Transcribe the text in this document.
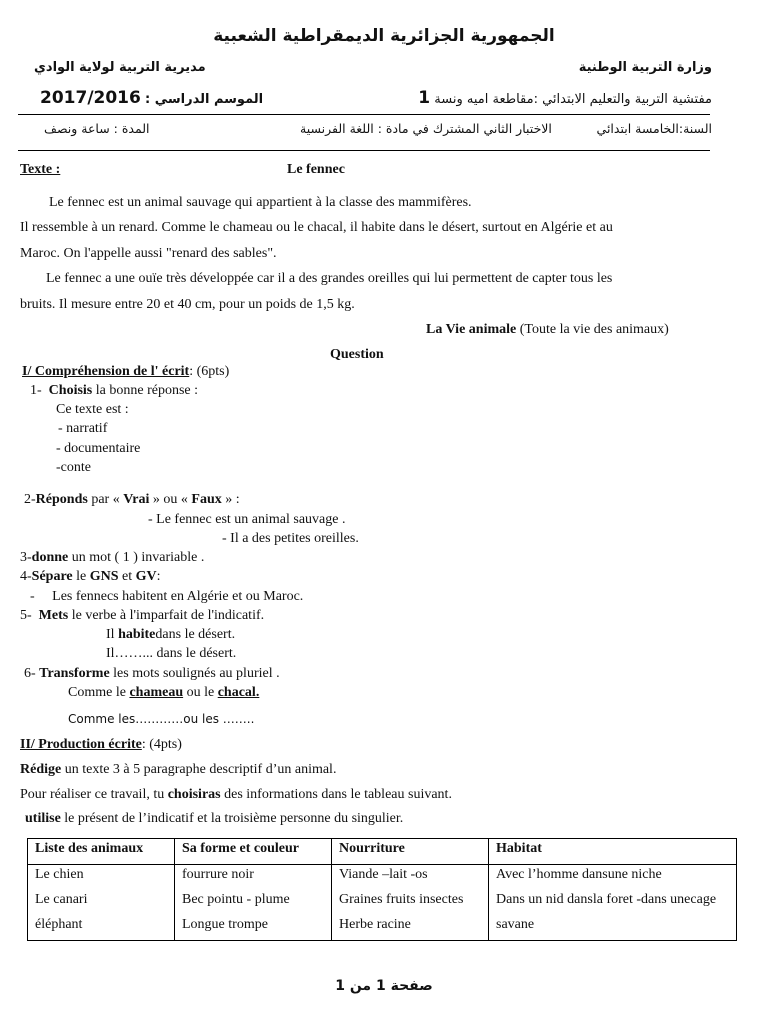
الجمهورية الجزائرية الديمقراطية الشعبية
وزارة التربية الوطنية
مديرية التربية لولاية الوادي
مفتشية التربية والتعليم الابتدائي :مقاطعة اميه ونسة 1
الموسم الدراسي : 2017/2016
السنة:الخامسة ابتدائي
الاختبار الثاني المشترك في مادة : اللغة الفرنسية
المدة : ساعة ونصف
Texte :	Le fennec
Le fennec est un animal sauvage qui appartient à la classe des mammifères.
Il ressemble à un renard. Comme le chameau ou le chacal, il habite dans le désert, surtout en Algérie et au
Maroc. On l'appelle aussi "renard des sables".
Le fennec a une ouïe très développée car il a des grandes oreilles qui lui permettent de capter tous les
bruits. Il mesure entre 20 et 40 cm, pour un poids de 1,5 kg.
La Vie animale (Toute la vie des animaux)
Question
I/ Compréhension de l' écrit: (6pts)
1- Choisis la bonne réponse :
Ce texte est :
- narratif
- documentaire
-conte
2-Réponds par « Vrai » ou « Faux » :
- Le fennec est un animal sauvage .
- Il a des petites oreilles.
3-donne un mot ( 1 ) invariable .
4-Sépare le GNS et GV:
-     Les fennecs habitent en Algérie et ou Maroc.
5- Mets le verbe à l'imparfait de l'indicatif.
Il habitedans le désert.
Il……... dans le désert.
6- Transforme les mots soulignés au pluriel .
Comme le chameau ou le chacal.
Comme les…………ou les ……..
II/ Production écrite: (4pts)
Rédige un texte 3 à 5 paragraphe descriptif d’un animal.
Pour réaliser ce travail, tu choisiras des informations dans le tableau suivant.
utilise le présent de l’indicatif et la troisième personne du singulier.
Liste des animaux	Sa forme et couleur	Nourriture	Habitat
Le chien	fourrure noir	Viande –lait -os	Avec l’homme dansune niche
Le canari	Bec pointu - plume	Graines fruits insectes	Dans un nid dansla foret -dans unecage
éléphant	Longue trompe	Herbe racine	savane
صفحة 1 من 1
